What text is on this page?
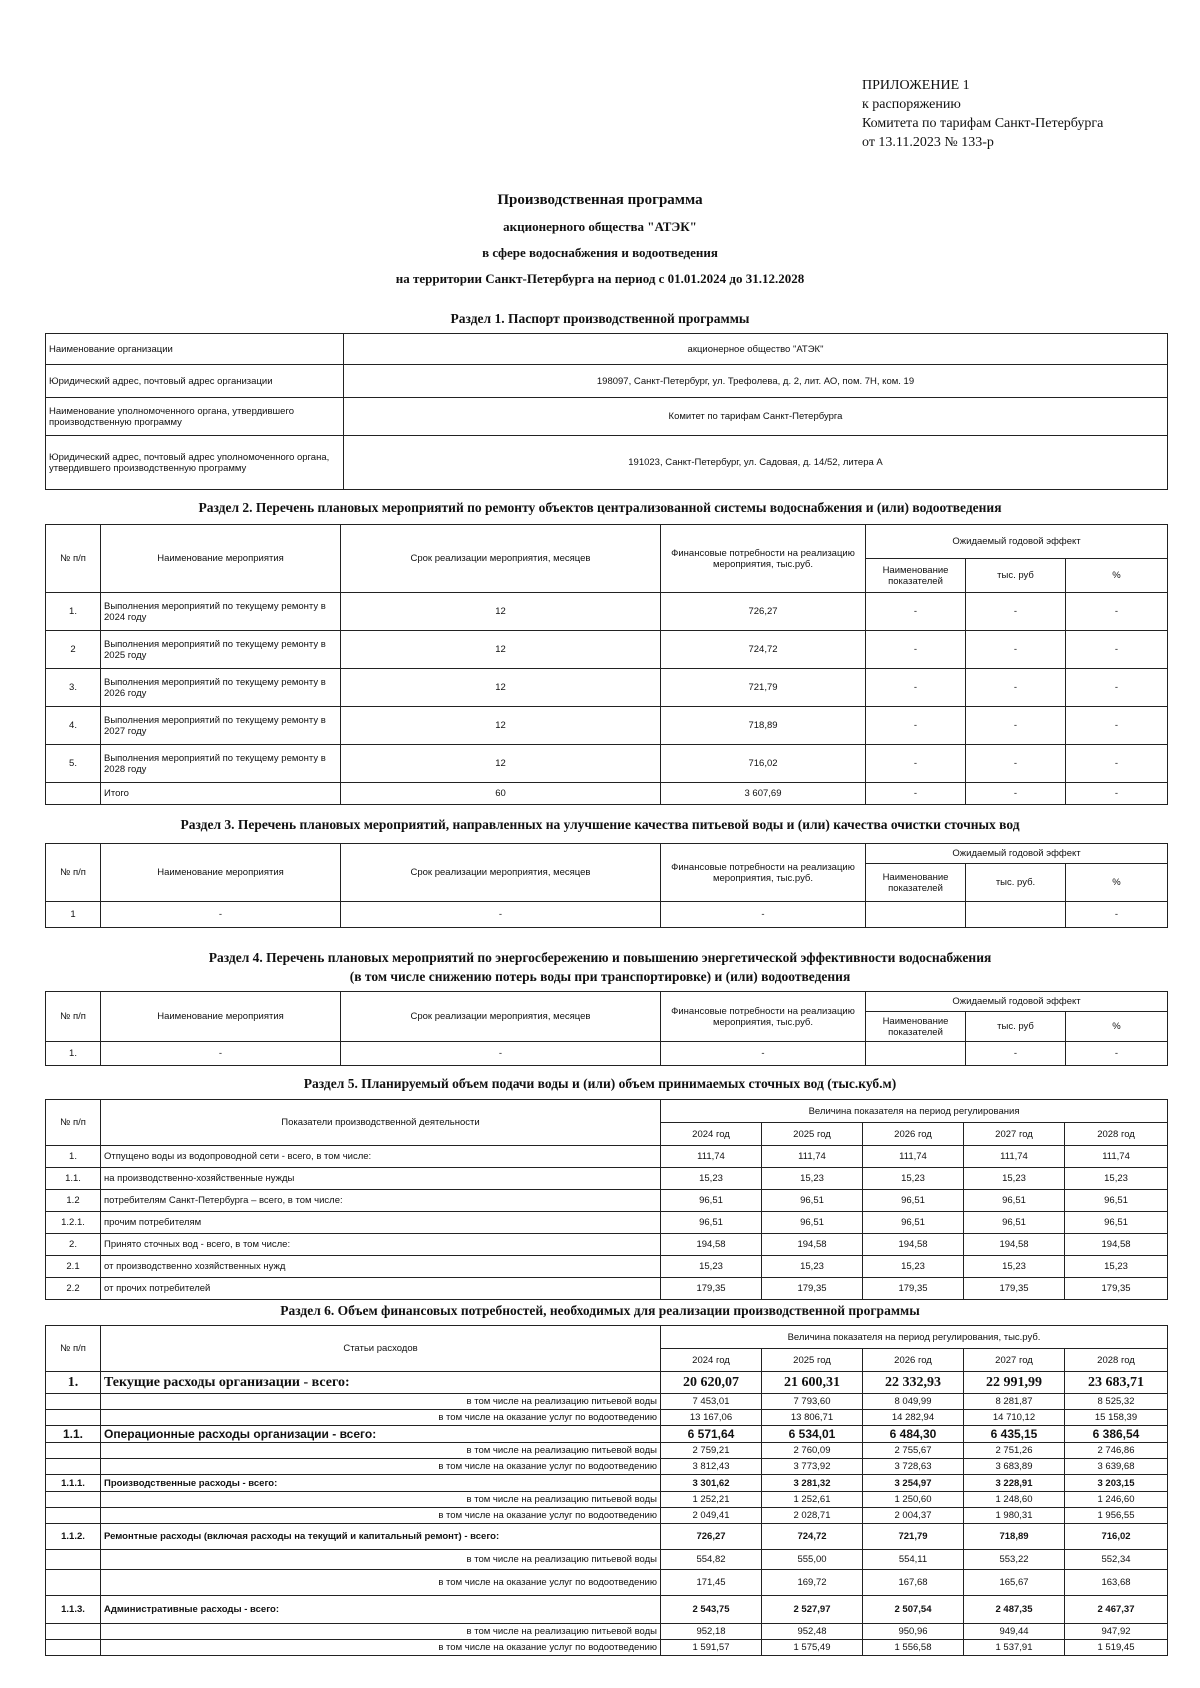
ПРИЛОЖЕНИЕ 1
к распоряжению
Комитета по тарифам Санкт-Петербурга
от 13.11.2023 № 133-р
Производственная программа
акционерного общества "АТЭК"
в сфере водоснабжения и водоотведения
на территории Санкт-Петербурга на период с 01.01.2024 до 31.12.2028
Раздел 1. Паспорт производственной программы
Наименование организации	акционерное общество "АТЭК"
Юридический адрес, почтовый адрес организации	198097, Санкт-Петербург, ул. Трефолева, д. 2, лит. АО, пом. 7Н, ком. 19
Наименование уполномоченного органа, утвердившего производственную программу	Комитет по тарифам Санкт-Петербурга
Юридический адрес, почтовый адрес уполномоченного органа, утвердившего производственную программу	191023, Санкт-Петербург, ул. Садовая, д. 14/52, литера А
Раздел 2. Перечень плановых мероприятий по ремонту объектов централизованной системы водоснабжения и (или) водоотведения
№ п/п	Наименование мероприятия	Срок реализации мероприятия, месяцев	Финансовые потребности на реализацию мероприятия, тыс.руб.	Ожидаемый годовой эффект		
				Наименование показателей	тыс. руб	%
1.	Выполнения мероприятий по текущему ремонту в 2024 году	12	726,27	-	-	-
2	Выполнения мероприятий по текущему ремонту в 2025 году	12	724,72	-	-	-
3.	Выполнения мероприятий по текущему ремонту в 2026 году	12	721,79	-	-	-
4.	Выполнения мероприятий по текущему ремонту в 2027 году	12	718,89	-	-	-
5.	Выполнения мероприятий по текущему ремонту в 2028 году	12	716,02	-	-	-
	Итого	60	3 607,69	-	-	-
Раздел 3. Перечень плановых мероприятий, направленных на улучшение качества питьевой воды и (или) качества очистки сточных вод
№ п/п	Наименование мероприятия	Срок реализации мероприятия, месяцев	Финансовые потребности на реализацию мероприятия, тыс.руб.	Ожидаемый годовой эффект		
				Наименование показателей	тыс. руб.	%
1	-	-	-			-
Раздел 4. Перечень плановых мероприятий по энергосбережению и повышению энергетической эффективности водоснабжения
(в том числе снижению потерь воды при транспортировке) и (или) водоотведения
№ п/п	Наименование мероприятия	Срок реализации мероприятия, месяцев	Финансовые потребности на реализацию мероприятия, тыс.руб.	Ожидаемый годовой эффект		
				Наименование показателей	тыс. руб	%
1.	-	-	-		-	-
Раздел 5. Планируемый объем подачи воды и (или) объем принимаемых сточных вод (тыс.куб.м)
№ п/п	Показатели производственной деятельности	Величина показателя на период регулирования				
		2024 год	2025 год	2026 год	2027 год	2028 год
1.	Отпущено воды из водопроводной сети - всего, в том числе:	111,74	111,74	111,74	111,74	111,74
1.1.	на производственно-хозяйственные нужды	15,23	15,23	15,23	15,23	15,23
1.2	потребителям Санкт-Петербурга – всего, в том числе:	96,51	96,51	96,51	96,51	96,51
1.2.1.	прочим потребителям	96,51	96,51	96,51	96,51	96,51
2.	Принято сточных вод - всего, в том числе:	194,58	194,58	194,58	194,58	194,58
2.1	от производственно хозяйственных нужд	15,23	15,23	15,23	15,23	15,23
2.2	от прочих потребителей	179,35	179,35	179,35	179,35	179,35
Раздел 6. Объем финансовых потребностей, необходимых для реализации производственной программы
№ п/п	Статьи расходов	Величина показателя на период регулирования, тыс.руб.				
		2024 год	2025 год	2026 год	2027 год	2028 год
1.	Текущие расходы организации - всего:	20 620,07	21 600,31	22 332,93	22 991,99	23 683,71
	в том числе на реализацию питьевой воды	7 453,01	7 793,60	8 049,99	8 281,87	8 525,32
	в том числе на оказание услуг по водоотведению	13 167,06	13 806,71	14 282,94	14 710,12	15 158,39
1.1.	Операционные расходы организации - всего:	6 571,64	6 534,01	6 484,30	6 435,15	6 386,54
	в том числе на реализацию питьевой воды	2 759,21	2 760,09	2 755,67	2 751,26	2 746,86
	в том числе на оказание услуг по водоотведению	3 812,43	3 773,92	3 728,63	3 683,89	3 639,68
1.1.1.	Производственные расходы - всего:	3 301,62	3 281,32	3 254,97	3 228,91	3 203,15
	в том числе на реализацию питьевой воды	1 252,21	1 252,61	1 250,60	1 248,60	1 246,60
	в том числе на оказание услуг по водоотведению	2 049,41	2 028,71	2 004,37	1 980,31	1 956,55
1.1.2.	Ремонтные расходы (включая расходы на текущий и капитальный ремонт) - всего:	726,27	724,72	721,79	718,89	716,02
	в том числе на реализацию питьевой воды	554,82	555,00	554,11	553,22	552,34
	в том числе на оказание услуг по водоотведению	171,45	169,72	167,68	165,67	163,68
1.1.3.	Административные расходы - всего:	2 543,75	2 527,97	2 507,54	2 487,35	2 467,37
	в том числе на реализацию питьевой воды	952,18	952,48	950,96	949,44	947,92
	в том числе на оказание услуг по водоотведению	1 591,57	1 575,49	1 556,58	1 537,91	1 519,45
